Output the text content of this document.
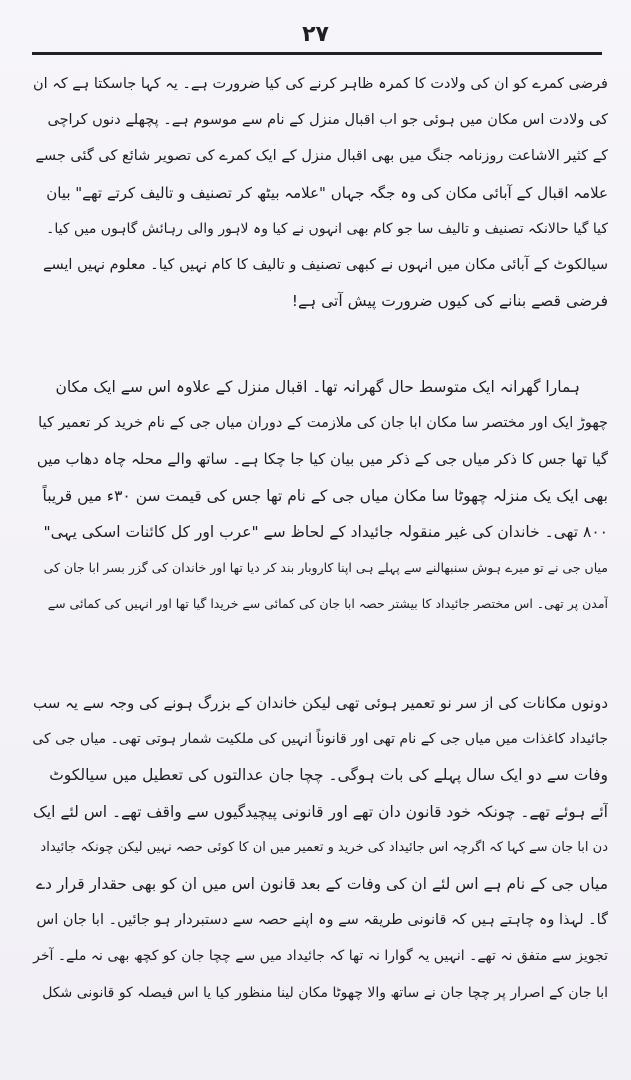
۲۷
فرضی کمرے کو ان کی ولادت کا کمرہ ظاہر کرنے کی کیا ضرورت ہے۔ یہ کہا جاسکتا ہے کہ ان
کی ولادت اس مکان میں ہوئی جو اب اقبال منزل کے نام سے موسوم ہے۔ پچھلے دنوں کراچی
کے کثیر الاشاعت روزنامہ جنگ میں بھی اقبال منزل کے ایک کمرے کی تصویر شائع کی گئی جسے
علامہ اقبال کے آبائی مکان کی وہ جگہ جہاں "علامہ بیٹھ کر تصنیف و تالیف کرتے تھے" بیان
کیا گیا حالانکہ تصنیف و تالیف سا جو کام بھی انہوں نے کیا وہ لاہور والی رہائش گاہوں میں کیا۔
سیالکوٹ کے آبائی مکان میں انہوں نے کبھی تصنیف و تالیف کا کام نہیں کیا۔ معلوم نہیں ایسے
فرضی قصے بنانے کی کیوں ضرورت پیش آتی ہے!
ہمارا گھرانہ ایک متوسط حال گھرانہ تھا۔ اقبال منزل کے علاوہ اس سے ایک مکان
چھوڑ ایک اور مختصر سا مکان ابا جان کی ملازمت کے دوران میاں جی کے نام خرید کر تعمیر کیا
گیا تھا جس کا ذکر میاں جی کے ذکر میں بیان کیا جا چکا ہے۔ ساتھ والے محلہ چاہ دھاب میں
بھی ایک یک منزلہ چھوٹا سا مکان میاں جی کے نام تھا جس کی قیمت سن ۳۰ء میں قریباً
۸۰۰ تھی۔ خاندان کی غیر منقولہ جائیداد کے لحاظ سے "عرب اور کل کائنات اسکی یہی"
میاں جی نے تو میرے ہوش سنبھالنے سے پہلے ہی اپنا کاروبار بند کر دیا تھا اور خاندان کی گزر بسر ابا جان کی
آمدن پر تھی۔ اس مختصر جائیداد کا بیشتر حصہ ابا جان کی کمائی سے خریدا گیا تھا اور انہیں کی کمائی سے
دونوں مکانات کی از سر نو تعمیر ہوئی تھی لیکن خاندان کے بزرگ ہونے کی وجہ سے یہ سب
جائیداد کاغذات میں میاں جی کے نام تھی اور قانوناً انہیں کی ملکیت شمار ہوتی تھی۔ میاں جی کی
وفات سے دو ایک سال پہلے کی بات ہوگی۔ چچا جان عدالتوں کی تعطیل میں سیالکوٹ
آئے ہوئے تھے۔ چونکہ خود قانون دان تھے اور قانونی پیچیدگیوں سے واقف تھے۔ اس لئے ایک
دن ابا جان سے کہا کہ اگرچہ اس جائیداد کی خرید و تعمیر میں ان کا کوئی حصہ نہیں لیکن چونکہ جائیداد
میاں جی کے نام ہے اس لئے ان کی وفات کے بعد قانون اس میں ان کو بھی حقدار قرار دے
گا۔ لہذا وہ چاہتے ہیں کہ قانونی طریقہ سے وہ اپنے حصہ سے دستبردار ہو جائیں۔ ابا جان اس
تجویز سے متفق نہ تھے۔ انہیں یہ گوارا نہ تھا کہ جائیداد میں سے چچا جان کو کچھ بھی نہ ملے۔ آخر
ابا جان کے اصرار پر چچا جان نے ساتھ والا چھوٹا مکان لینا منظور کیا یا اس فیصلہ کو قانونی شکل
